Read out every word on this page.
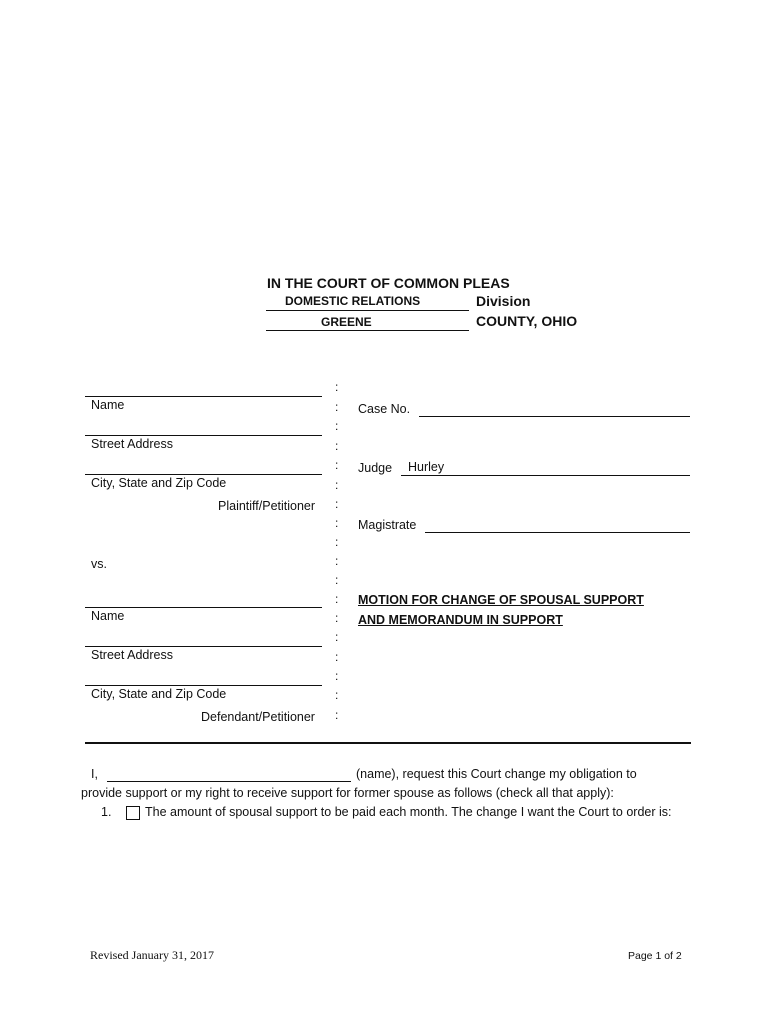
IN THE COURT OF COMMON PLEAS
DOMESTIC RELATIONS	Division
GREENE	COUNTY, OHIO
Name
Street Address
City, State and Zip Code
Plaintiff/Petitioner
vs.
Name
Street Address
City, State and Zip Code
Defendant/Petitioner
:
:
:
:
:
:
:
:
:
:
:
:
:
:
:
:
:
:
Case No.
Judge Hurley
Magistrate
MOTION FOR CHANGE OF SPOUSAL SUPPORT
AND MEMORANDUM IN SUPPORT
I,	(name), request this Court change my obligation to
provide support or my right to receive support for former spouse as follows (check all that apply):
1.	The amount of spousal support to be paid each month. The change I want the Court to order is:
Revised January 31, 2017	Page 1 of 2
